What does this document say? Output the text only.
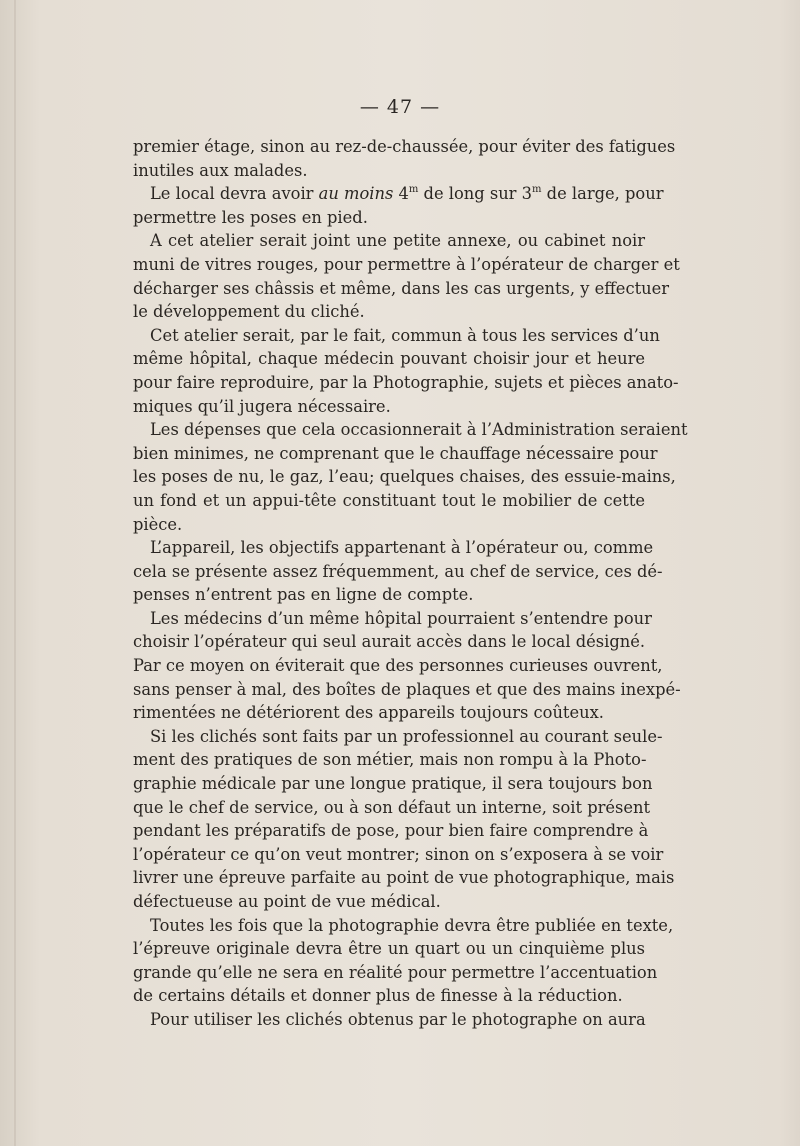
— 47 —
premier étage, sinon au rez-de-chaussée, pour éviter des fatigues
inutiles aux malades.
Le local devra avoir au moins 4$^m$ de long sur 3$^m$ de large, pour
permettre les poses en pied.
A cet atelier serait joint une petite annexe, ou cabinet noir
muni de vitres rouges, pour permettre à l’opérateur de charger et
décharger ses châssis et même, dans les cas urgents, y effectuer
le développement du cliché.
Cet atelier serait, par le fait, commun à tous les services d’un
même hôpital, chaque médecin pouvant choisir jour et heure
pour faire reproduire, par la Photographie, sujets et pièces anato-
miques qu’il jugera nécessaire.
Les dépenses que cela occasionnerait à l’Administration seraient
bien minimes, ne comprenant que le chauffage nécessaire pour
les poses de nu, le gaz, l’eau; quelques chaises, des essuie-mains,
un fond et un appui-tête constituant tout le mobilier de cette
pièce.
L’appareil, les objectifs appartenant à l’opérateur ou, comme
cela se présente assez fréquemment, au chef de service, ces dé-
penses n’entrent pas en ligne de compte.
Les médecins d’un même hôpital pourraient s’entendre pour
choisir l’opérateur qui seul aurait accès dans le local désigné.
Par ce moyen on éviterait que des personnes curieuses ouvrent,
sans penser à mal, des boîtes de plaques et que des mains inexpé-
rimentées ne détériorent des appareils toujours coûteux.
Si les clichés sont faits par un professionnel au courant seule-
ment des pratiques de son métier, mais non rompu à la Photo-
graphie médicale par une longue pratique, il sera toujours bon
que le chef de service, ou à son défaut un interne, soit présent
pendant les préparatifs de pose, pour bien faire comprendre à
l’opérateur ce qu’on veut montrer; sinon on s’exposera à se voir
livrer une épreuve parfaite au point de vue photographique, mais
défectueuse au point de vue médical.
Toutes les fois que la photographie devra être publiée en texte,
l’épreuve originale devra être un quart ou un cinquième plus
grande qu’elle ne sera en réalité pour permettre l’accentuation
de certains détails et donner plus de finesse à la réduction.
Pour utiliser les clichés obtenus par le photographe on aura
